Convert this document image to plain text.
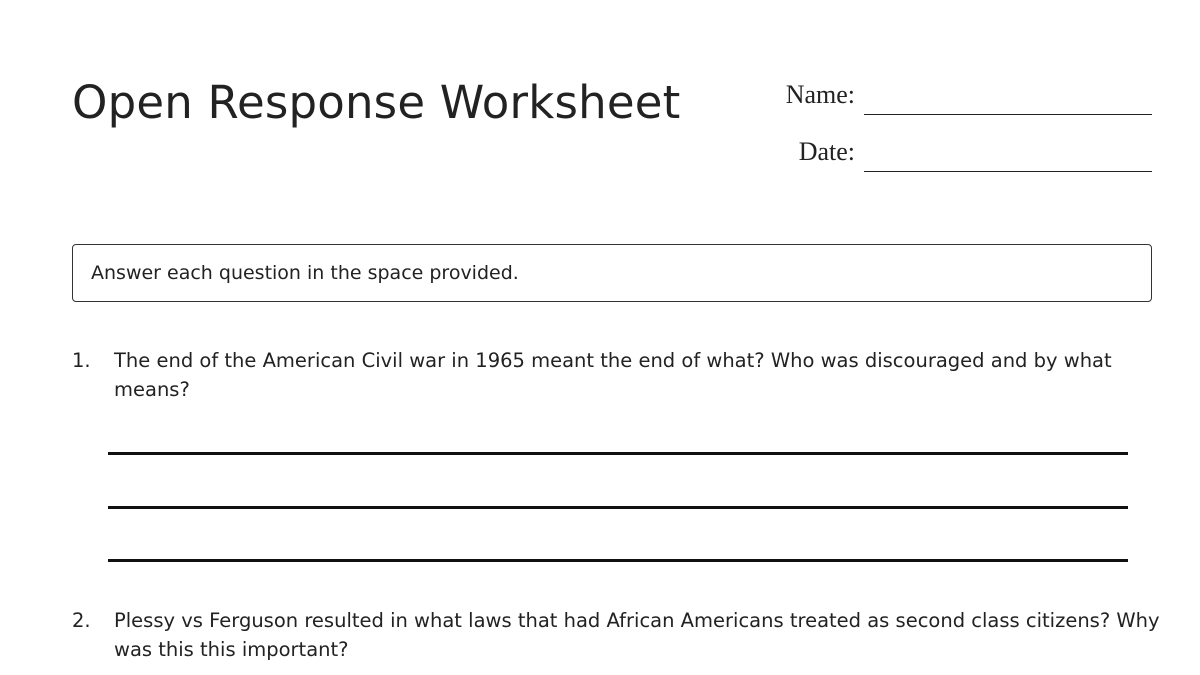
Open Response Worksheet	Name:
Date:
Answer each question in the space provided.
1. The end of the American Civil war in 1965 meant the end of what? Who was discouraged and by what means?
2. Plessy vs Ferguson resulted in what laws that had African Americans treated as second class citizens? Why was this this important?
